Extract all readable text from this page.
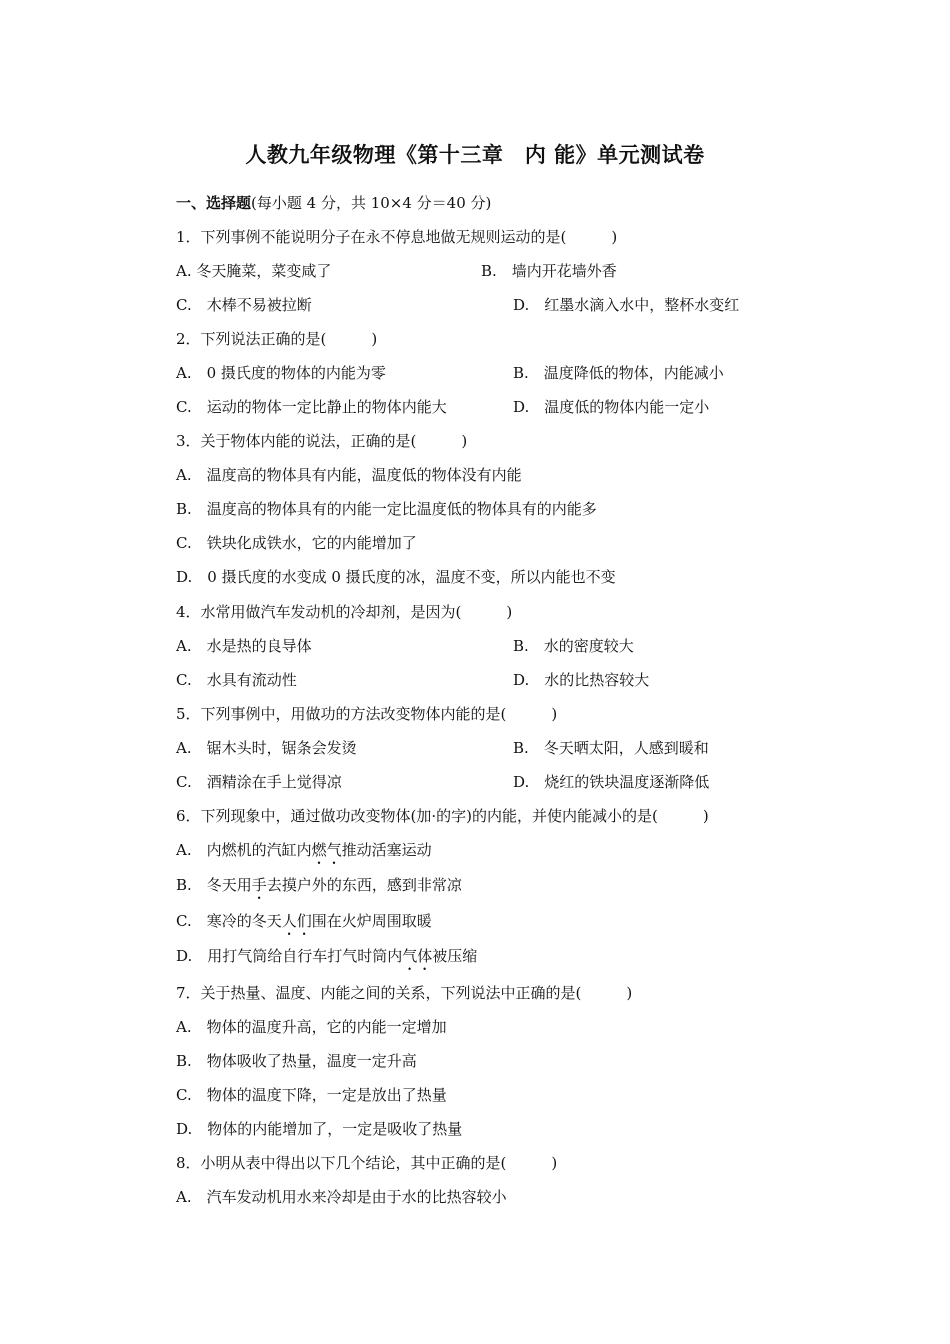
人教九年级物理《第十三章　内 能》单元测试卷
一、选择题(每小题 4 分，共 10×4 分＝40 分)
1．下列事例不能说明分子在永不停息地做无规则运动的是(　　　)
A. 冬天腌菜，菜变咸了	B.　墙内开花墙外香
C.　木棒不易被拉断	D.　红墨水滴入水中，整杯水变红
2．下列说法正确的是(　　　)
A.　0 摄氏度的物体的内能为零	B.　温度降低的物体，内能减小
C.　运动的物体一定比静止的物体内能大	D.　温度低的物体内能一定小
3．关于物体内能的说法，正确的是(　　　)
A.　温度高的物体具有内能，温度低的物体没有内能
B.　温度高的物体具有的内能一定比温度低的物体具有的内能多
C.　铁块化成铁水，它的内能增加了
D.　0 摄氏度的水变成 0 摄氏度的冰，温度不变，所以内能也不变
4．水常用做汽车发动机的冷却剂，是因为(　　　)
A.　水是热的良导体	B.　水的密度较大
C.　水具有流动性	D.　水的比热容较大
5．下列事例中，用做功的方法改变物体内能的是(　　　)
A.　锯木头时，锯条会发烫	B.　冬天晒太阳，人感到暖和
C.　酒精涂在手上觉得凉	D.　烧红的铁块温度逐渐降低
6．下列现象中，通过做功改变物体(加·的字)的内能，并使内能减小的是(　　　)
A.　内燃机的汽缸内燃气推动活塞运动
B.　冬天用手去摸户外的东西，感到非常凉
C.　寒冷的冬天人们围在火炉周围取暖
D.　用打气筒给自行车打气时筒内气体被压缩
7．关于热量、温度、内能之间的关系，下列说法中正确的是(　　　)
A.　物体的温度升高，它的内能一定增加
B.　物体吸收了热量，温度一定升高
C.　物体的温度下降，一定是放出了热量
D.　物体的内能增加了，一定是吸收了热量
8．小明从表中得出以下几个结论，其中正确的是(　　　)
A.　汽车发动机用水来冷却是由于水的比热容较小
